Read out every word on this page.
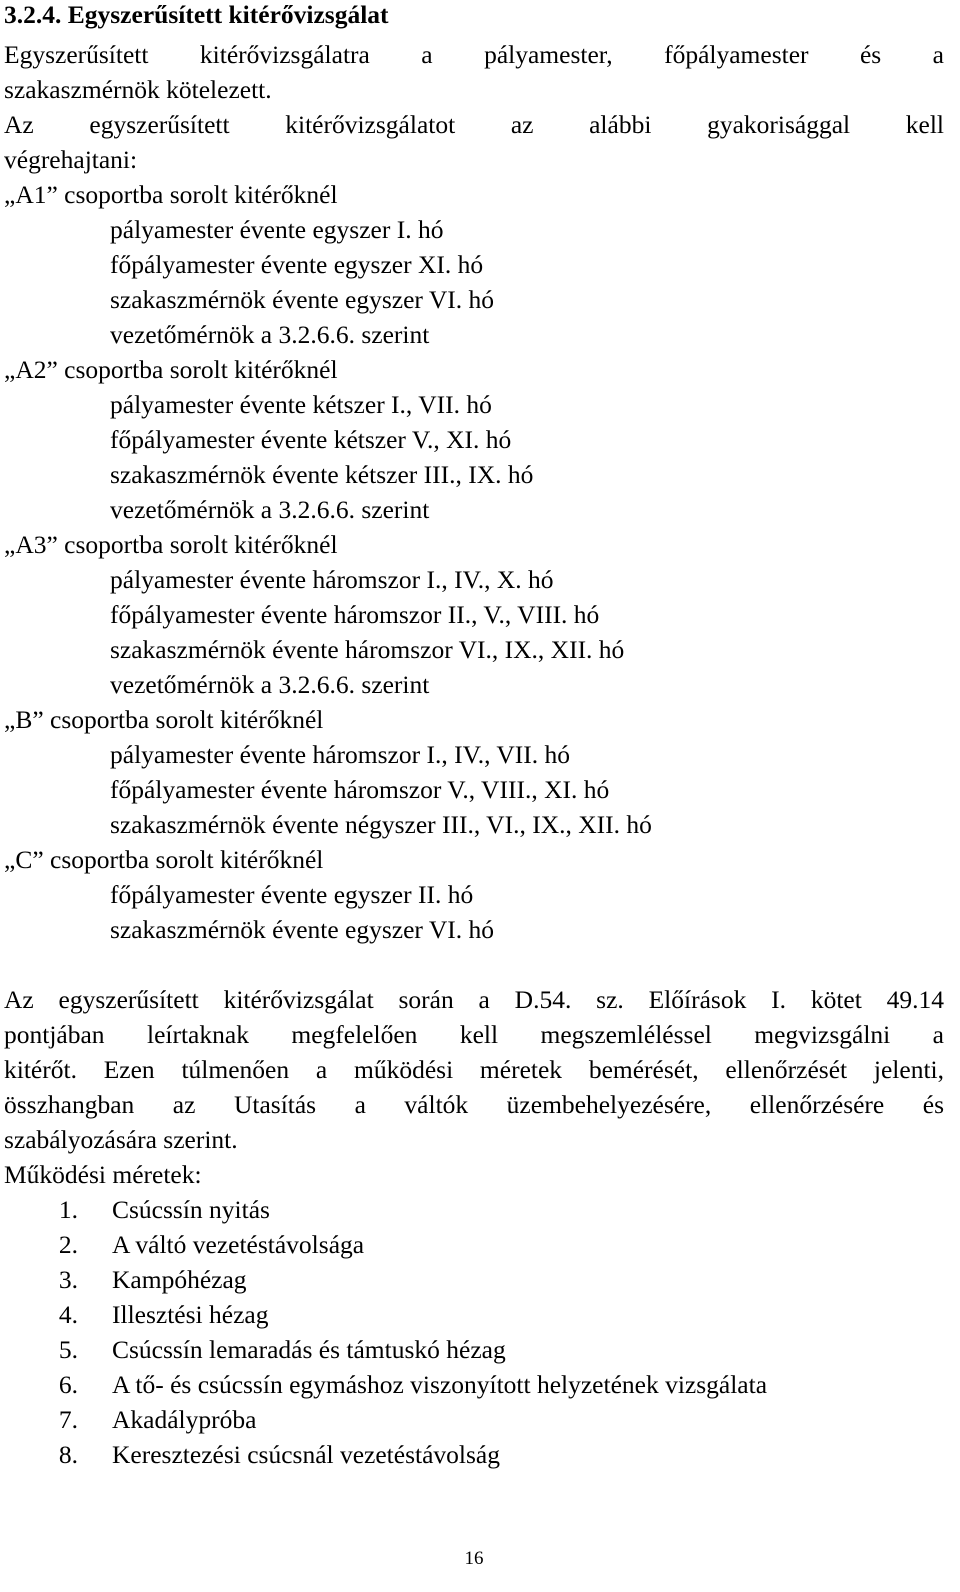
3.2.4. Egyszerűsített kitérővizsgálat
Egyszerűsített kitérővizsgálatra a pályamester, főpályamester és a
szakaszmérnök kötelezett.
Az egyszerűsített kitérővizsgálatot az alábbi gyakorisággal kell
végrehajtani:
„A1” csoportba sorolt kitérőknél
pályamester évente egyszer I. hó
főpályamester évente egyszer XI. hó
szakaszmérnök évente egyszer VI. hó
vezetőmérnök a 3.2.6.6. szerint
„A2” csoportba sorolt kitérőknél
pályamester évente kétszer I., VII. hó
főpályamester évente kétszer V., XI. hó
szakaszmérnök évente kétszer III., IX. hó
vezetőmérnök a 3.2.6.6. szerint
„A3” csoportba sorolt kitérőknél
pályamester évente háromszor I., IV., X. hó
főpályamester évente háromszor II., V., VIII. hó
szakaszmérnök évente háromszor VI., IX., XII. hó
vezetőmérnök a 3.2.6.6. szerint
„B” csoportba sorolt kitérőknél
pályamester évente háromszor I., IV., VII. hó
főpályamester évente háromszor V., VIII., XI. hó
szakaszmérnök évente négyszer III., VI., IX., XII. hó
„C” csoportba sorolt kitérőknél
főpályamester évente egyszer II. hó
szakaszmérnök évente egyszer VI. hó
Az egyszerűsített kitérővizsgálat során a D.54. sz. Előírások I. kötet 49.14
pontjában leírtaknak megfelelően kell megszemléléssel megvizsgálni a
kitérőt. Ezen túlmenően a működési méretek bemérését, ellenőrzését jelenti,
összhangban az Utasítás a váltók üzembehelyezésére, ellenőrzésére és
szabályozására szerint.
Működési méretek:
1. Csúcssín nyitás
2. A váltó vezetéstávolsága
3. Kampóhézag
4. Illesztési hézag
5. Csúcssín lemaradás és támtuskó hézag
6. A tő- és csúcssín egymáshoz viszonyított helyzetének vizsgálata
7. Akadálypróba
8. Keresztezési csúcsnál vezetéstávolság
16
